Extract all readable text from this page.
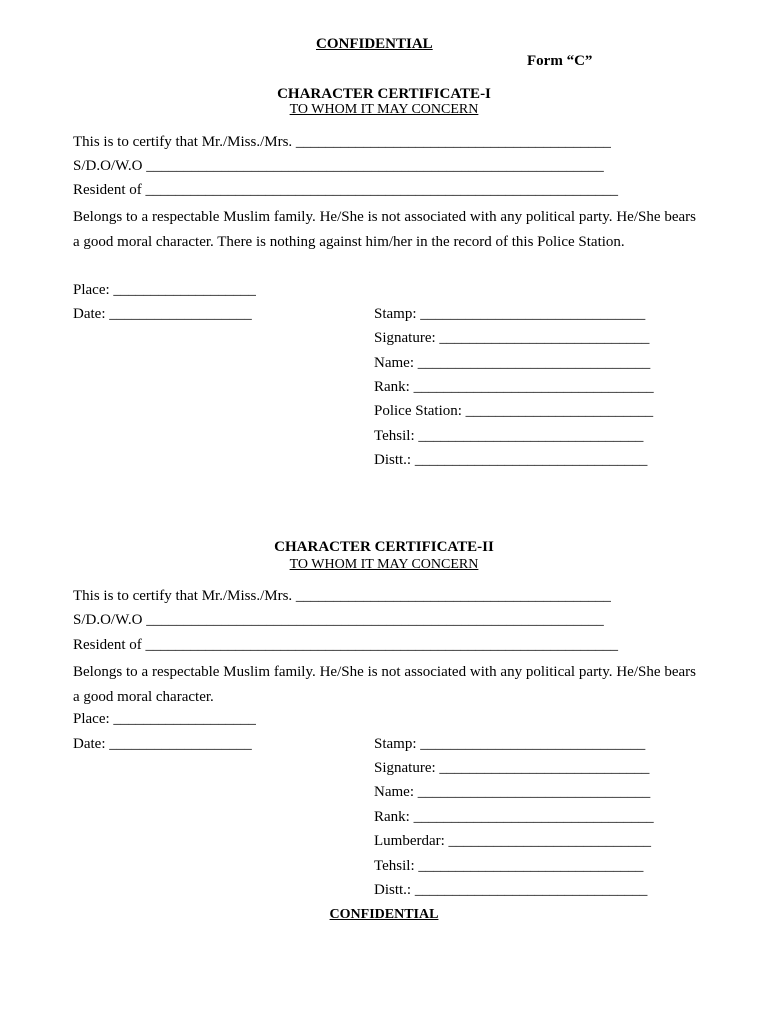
CONFIDENTIAL
Form “C”
CHARACTER CERTIFICATE-I
TO WHOM IT MAY CONCERN
This is to certify that Mr./Miss./Mrs. __________________________________________
S/D.O/W.O _____________________________________________________________
Resident of _______________________________________________________________
Belongs to a respectable Muslim family. He/She is not associated with any political party. He/She bears a good moral character. There is nothing against him/her in the record of this Police Station.
Place: ___________________
Date: ___________________	Stamp: ______________________________
Signature: ____________________________
Name: _______________________________
Rank: ________________________________
Police Station: _________________________
Tehsil: ______________________________
Distt.: _______________________________
CHARACTER CERTIFICATE-II
TO WHOM IT MAY CONCERN
This is to certify that Mr./Miss./Mrs. __________________________________________
S/D.O/W.O _____________________________________________________________
Resident of _______________________________________________________________
Belongs to a respectable Muslim family. He/She is not associated with any political party. He/She bears a good moral character.
Place: ___________________
Date: ___________________	Stamp: ______________________________
Signature: ____________________________
Name: _______________________________
Rank: ________________________________
Lumberdar: ___________________________
Tehsil: ______________________________
Distt.: _______________________________
CONFIDENTIAL
